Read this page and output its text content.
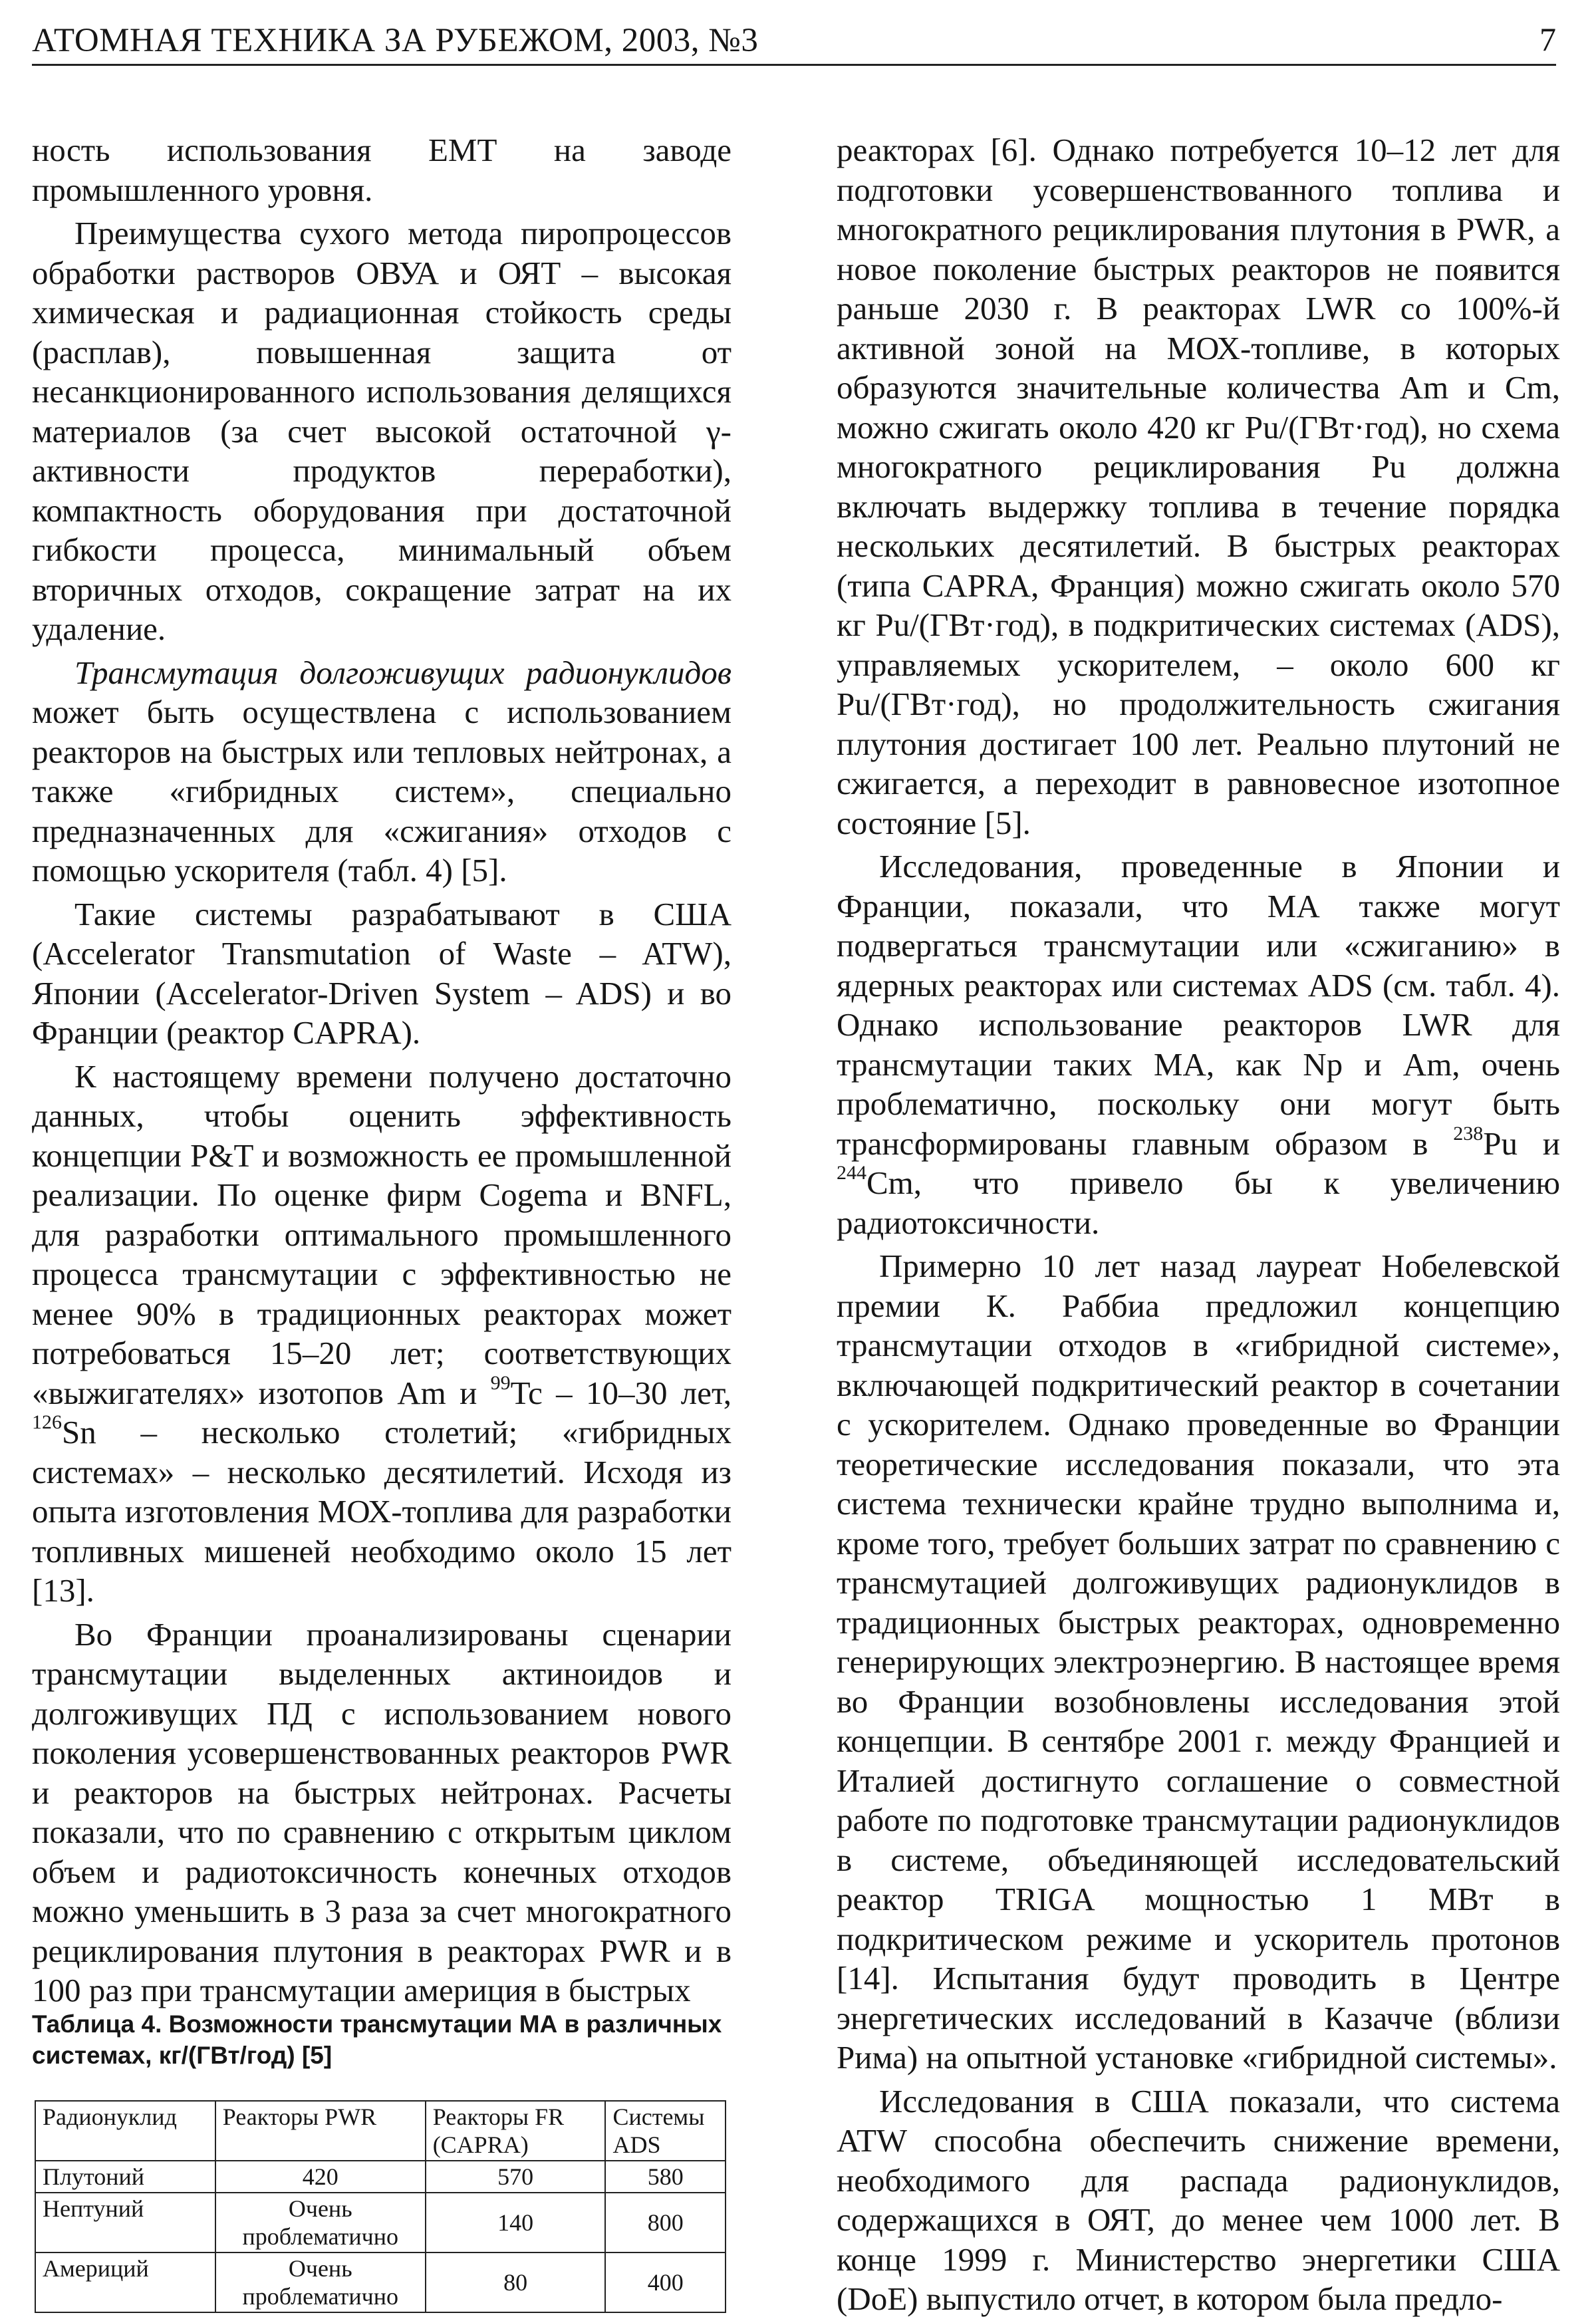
АТОМНАЯ ТЕХНИКА ЗА РУБЕЖОМ, 2003, №3	7

ность использования ЕМТ на заводе промышленного уровня.

Преимущества сухого метода пиропроцессов обработки растворов ОВУА и ОЯТ – высокая химическая и радиационная стойкость среды (расплав), повышенная защита от несанкционированного использования делящихся материалов (за счет высокой остаточной γ-активности продуктов переработки), компактность оборудования при достаточной гибкости процесса, минимальный объем вторичных отходов, сокращение затрат на их удаление.

Трансмутация долгоживущих радионуклидов может быть осуществлена с использованием реакторов на быстрых или тепловых нейтронах, а также «гибридных систем», специально предназначенных для «сжигания» отходов с помощью ускорителя (табл. 4) [5].

Такие системы разрабатывают в США (Accelerator Transmutation of Waste – ATW), Японии (Accelerator-Driven System – ADS) и во Франции (реактор CAPRA).

К настоящему времени получено достаточно данных, чтобы оценить эффективность концепции P&T и возможность ее промышленной реализации. По оценке фирм Cogema и BNFL, для разработки оптимального промышленного процесса трансмутации с эффективностью не менее 90% в традиционных реакторах может потребоваться 15–20 лет; соответствующих «выжигателях» изотопов Am и $^{99}$Tc – 10–30 лет, $^{126}$Sn – несколько столетий; «гибридных системах» – несколько десятилетий. Исходя из опыта изготовления МОХ-топлива для разработки топливных мишеней необходимо около 15 лет [13].

Во Франции проанализированы сценарии трансмутации выделенных актиноидов и долгоживущих ПД с использованием нового поколения усовершенствованных реакторов PWR и реакторов на быстрых нейтронах. Расчеты показали, что по сравнению с открытым циклом объем и радиотоксичность конечных отходов можно уменьшить в 3 раза за счет многократного рециклирования плутония в реакторах PWR и в 100 раз при трансмутации америция в быстрых

Таблица 4. Возможности трансмутации МА в различных системах, кг/(ГВт/год) [5]
Радионуклид	Реакторы PWR	Реакторы FR (CAPRA)	Системы ADS
Плутоний	420	570	580
Нептуний	Очень проблематично	140	800
Америций	Очень проблематично	80	400

реакторах [6]. Однако потребуется 10–12 лет для подготовки усовершенствованного топлива и многократного рециклирования плутония в PWR, а новое поколение быстрых реакторов не появится раньше 2030 г. В реакторах LWR со 100%-й активной зоной на МОХ-топливе, в которых образуются значительные количества Am и Cm, можно сжигать около 420 кг Pu/(ГВт·год), но схема многократного рециклирования Pu должна включать выдержку топлива в течение порядка нескольких десятилетий. В быстрых реакторах (типа CAPRA, Франция) можно сжигать около 570 кг Pu/(ГВт·год), в подкритических системах (ADS), управляемых ускорителем, – около 600 кг Pu/(ГВт·год), но продолжительность сжигания плутония достигает 100 лет. Реально плутоний не сжигается, а переходит в равновесное изотопное состояние [5].

Исследования, проведенные в Японии и Франции, показали, что МА также могут подвергаться трансмутации или «сжиганию» в ядерных реакторах или системах ADS (см. табл. 4). Однако использование реакторов LWR для трансмутации таких МА, как Np и Am, очень проблематично, поскольку они могут быть трансформированы главным образом в $^{238}$Pu и $^{244}$Cm, что привело бы к увеличению радиотоксичности.

Примерно 10 лет назад лауреат Нобелевской премии К. Раббиа предложил концепцию трансмутации отходов в «гибридной системе», включающей подкритический реактор в сочетании с ускорителем. Однако проведенные во Франции теоретические исследования показали, что эта система технически крайне трудно выполнима и, кроме того, требует больших затрат по сравнению с трансмутацией долгоживущих радионуклидов в традиционных быстрых реакторах, одновременно генерирующих электроэнергию. В настоящее время во Франции возобновлены исследования этой концепции. В сентябре 2001 г. между Францией и Италией достигнуто соглашение о совместной работе по подготовке трансмутации радионуклидов в системе, объединяющей исследовательский реактор TRIGA мощностью 1 МВт в подкритическом режиме и ускоритель протонов [14]. Испытания будут проводить в Центре энергетических исследований в Казачче (вблизи Рима) на опытной установке «гибридной системы».

Исследования в США показали, что система ATW способна обеспечить снижение времени, необходимого для распада радионуклидов, содержащихся в ОЯТ, до менее чем 1000 лет. В конце 1999 г. Министерство энергетики США (DoE) выпустило отчет, в котором была предло-
